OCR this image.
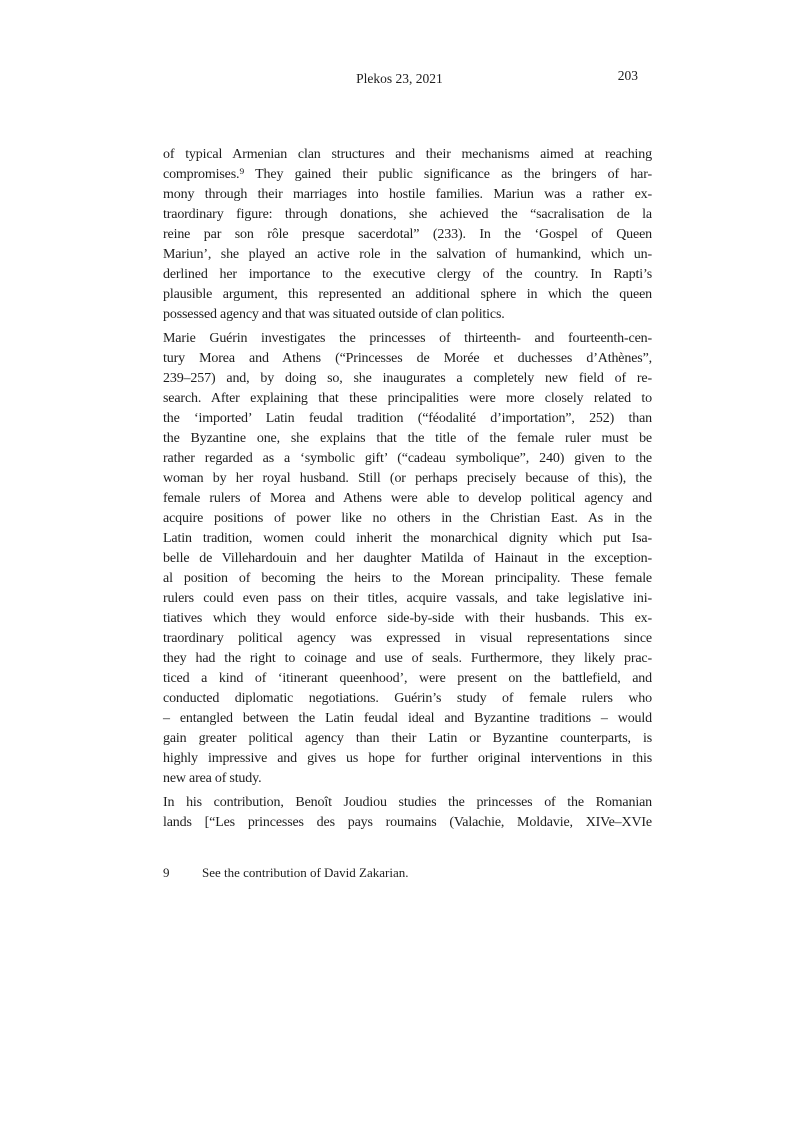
Plekos 23, 2021	203
of typical Armenian clan structures and their mechanisms aimed at reaching
compromises.⁹ They gained their public significance as the bringers of har-
mony through their marriages into hostile families. Mariun was a rather ex-
traordinary figure: through donations, she achieved the “sacralisation de la
reine par son rôle presque sacerdotal” (233). In the ‘Gospel of Queen
Mariun’, she played an active role in the salvation of humankind, which un-
derlined her importance to the executive clergy of the country. In Rapti’s
plausible argument, this represented an additional sphere in which the queen
possessed agency and that was situated outside of clan politics.
Marie Guérin investigates the princesses of thirteenth- and fourteenth-cen-
tury Morea and Athens (“Princesses de Morée et duchesses d’Athènes”,
239–257) and, by doing so, she inaugurates a completely new field of re-
search. After explaining that these principalities were more closely related to
the ‘imported’ Latin feudal tradition (“féodalité d’importation”, 252) than
the Byzantine one, she explains that the title of the female ruler must be
rather regarded as a ‘symbolic gift’ (“cadeau symbolique”, 240) given to the
woman by her royal husband. Still (or perhaps precisely because of this), the
female rulers of Morea and Athens were able to develop political agency and
acquire positions of power like no others in the Christian East. As in the
Latin tradition, women could inherit the monarchical dignity which put Isa-
belle de Villehardouin and her daughter Matilda of Hainaut in the exception-
al position of becoming the heirs to the Morean principality. These female
rulers could even pass on their titles, acquire vassals, and take legislative ini-
tiatives which they would enforce side-by-side with their husbands. This ex-
traordinary political agency was expressed in visual representations since
they had the right to coinage and use of seals. Furthermore, they likely prac-
ticed a kind of ‘itinerant queenhood’, were present on the battlefield, and
conducted diplomatic negotiations. Guérin’s study of female rulers who
– entangled between the Latin feudal ideal and Byzantine traditions – would
gain greater political agency than their Latin or Byzantine counterparts, is
highly impressive and gives us hope for further original interventions in this
new area of study.
In his contribution, Benoît Joudiou studies the princesses of the Romanian
lands [“Les princesses des pays roumains (Valachie, Moldavie, XIVe–XVIe
9	See the contribution of David Zakarian.
